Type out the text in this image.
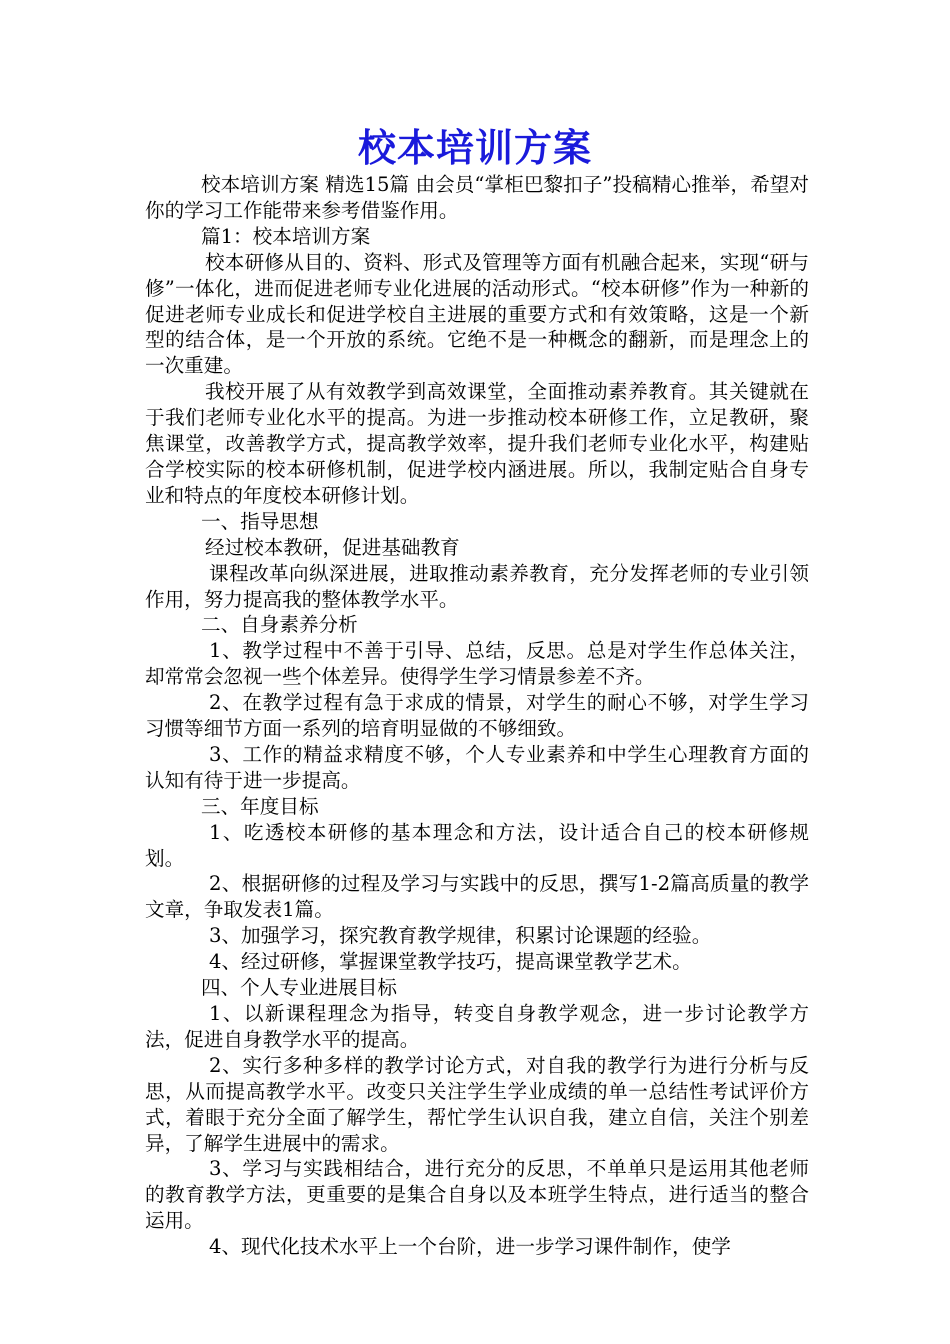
校本培训方案

校本培训方案 精选15篇 由会员“掌柜巴黎扣子”投稿精心推举，希望对你的学习工作能带来参考借鉴作用。

篇1：校本培训方案

校本研修从目的、资料、形式及管理等方面有机融合起来，实现“研与修”一体化，进而促进老师专业化进展的活动形式。“校本研修”作为一种新的促进老师专业成长和促进学校自主进展的重要方式和有效策略，这是一个新型的结合体，是一个开放的系统。它绝不是一种概念的翻新，而是理念上的一次重建。

我校开展了从有效教学到高效课堂，全面推动素养教育。其关键就在于我们老师专业化水平的提高。为进一步推动校本研修工作，立足教研，聚焦课堂，改善教学方式，提高教学效率，提升我们老师专业化水平，构建贴合学校实际的校本研修机制，促进学校内涵进展。所以，我制定贴合自身专业和特点的年度校本研修计划。

一、指导思想

经过校本教研，促进基础教育

课程改革向纵深进展，进取推动素养教育，充分发挥老师的专业引领作用，努力提高我的整体教学水平。

二、自身素养分析

1、教学过程中不善于引导、总结，反思。总是对学生作总体关注，却常常会忽视一些个体差异。使得学生学习情景参差不齐。

2、在教学过程有急于求成的情景，对学生的耐心不够，对学生学习习惯等细节方面一系列的培育明显做的不够细致。

3、工作的精益求精度不够，个人专业素养和中学生心理教育方面的认知有待于进一步提高。

三、年度目标

1、吃透校本研修的基本理念和方法，设计适合自己的校本研修规划。

2、根据研修的过程及学习与实践中的反思，撰写1-2篇高质量的教学文章，争取发表1篇。

3、加强学习，探究教育教学规律，积累讨论课题的经验。

4、经过研修，掌握课堂教学技巧，提高课堂教学艺术。

四、个人专业进展目标

1、以新课程理念为指导，转变自身教学观念，进一步讨论教学方法，促进自身教学水平的提高。

2、实行多种多样的教学讨论方式，对自我的教学行为进行分析与反思，从而提高教学水平。改变只关注学生学业成绩的单一总结性考试评价方式，着眼于充分全面了解学生，帮忙学生认识自我，建立自信，关注个别差异，了解学生进展中的需求。

3、学习与实践相结合，进行充分的反思，不单单只是运用其他老师的教育教学方法，更重要的是集合自身以及本班学生特点，进行适当的整合运用。

4、现代化技术水平上一个台阶，进一步学习课件制作，使学
